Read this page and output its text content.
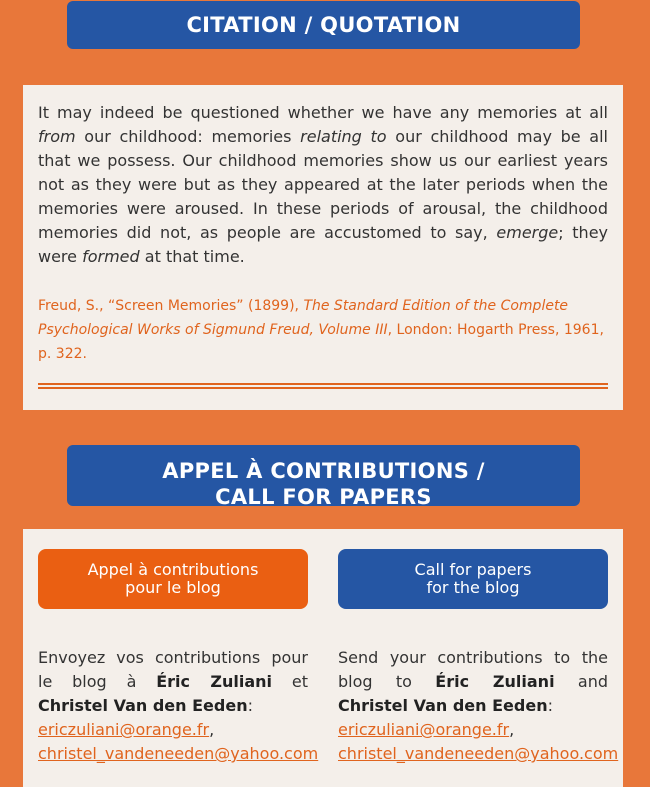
CITATION / QUOTATION
It may indeed be questioned whether we have any memories at all from our childhood: memories relating to our childhood may be all that we possess. Our childhood memories show us our earliest years not as they were but as they appeared at the later periods when the memories were aroused. In these periods of arousal, the childhood memories did not, as people are accustomed to say, emerge; they were formed at that time.
Freud, S., “Screen Memories” (1899), The Standard Edition of the Complete Psychological Works of Sigmund Freud, Volume III, London: Hogarth Press, 1961, p. 322.
APPEL À CONTRIBUTIONS /
CALL FOR PAPERS
Appel à contributions
pour le blog
Call for papers
for the blog
Envoyez vos contributions pour le blog à Éric Zuliani et Christel Van den Eeden:
ericzuliani@orange.fr,
christel_vandeneeden@yahoo.com
Send your contributions to the blog to Éric Zuliani and Christel Van den Eeden:
ericzuliani@orange.fr,
christel_vandeneeden@yahoo.com
